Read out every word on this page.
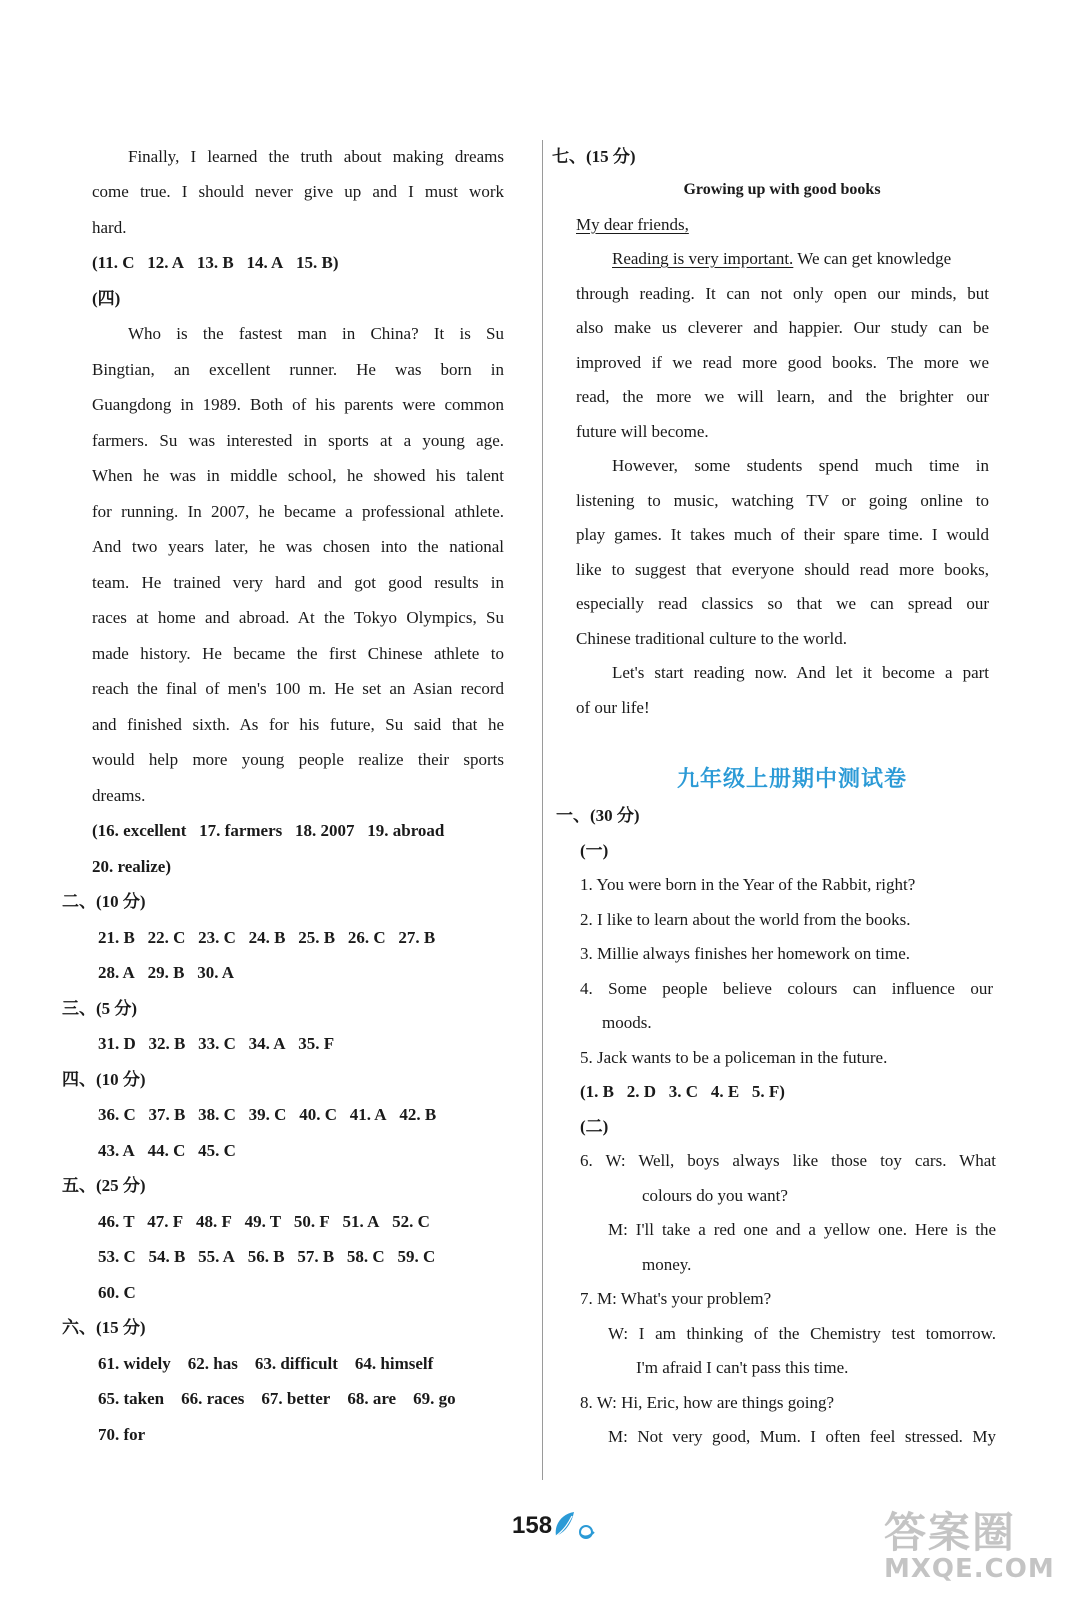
Finally, I learned the truth about making dreams
come true. I should never give up and I must work
hard.
(11. C 12. A 13. B 14. A 15. B)
(四)
Who is the fastest man in China? It is Su
Bingtian, an excellent runner. He was born in
Guangdong in 1989. Both of his parents were common
farmers. Su was interested in sports at a young age.
When he was in middle school, he showed his talent
for running. In 2007, he became a professional athlete.
And two years later, he was chosen into the national
team. He trained very hard and got good results in
races at home and abroad. At the Tokyo Olympics, Su
made history. He became the first Chinese athlete to
reach the final of men's 100 m. He set an Asian record
and finished sixth. As for his future, Su said that he
would help more young people realize their sports
dreams.
(16. excellent 17. farmers 18. 2007 19. abroad
20. realize)
二、(10 分)
21. B 22. C 23. C 24. B 25. B 26. C 27. B
28. A 29. B 30. A
三、(5 分)
31. D 32. B 33. C 34. A 35. F
四、(10 分)
36. C 37. B 38. C 39. C 40. C 41. A 42. B
43. A 44. C 45. C
五、(25 分)
46. T 47. F 48. F 49. T 50. F 51. A 52. C
53. C 54. B 55. A 56. B 57. B 58. C 59. C
60. C
六、(15 分)
61. widely 62. has 63. difficult 64. himself
65. taken 66. races 67. better 68. are 69. go
70. for
七、(15 分)
Growing up with good books
My dear friends,
Reading is very important. We can get knowledge
through reading. It can not only open our minds, but
also make us cleverer and happier. Our study can be
improved if we read more good books. The more we
read, the more we will learn, and the brighter our
future will become.
However, some students spend much time in
listening to music, watching TV or going online to
play games. It takes much of their spare time. I would
like to suggest that everyone should read more books,
especially read classics so that we can spread our
Chinese traditional culture to the world.
Let's start reading now. And let it become a part
of our life!
九年级上册期中测试卷
一、(30 分)
(一)
1. You were born in the Year of the Rabbit, right?
2. I like to learn about the world from the books.
3. Millie always finishes her homework on time.
4. Some people believe colours can influence our
moods.
5. Jack wants to be a policeman in the future.
(1. B 2. D 3. C 4. E 5. F)
(二)
6. W: Well, boys always like those toy cars. What
colours do you want?
M: I'll take a red one and a yellow one. Here is the
money.
7. M: What's your problem?
W: I am thinking of the Chemistry test tomorrow.
I'm afraid I can't pass this time.
8. W: Hi, Eric, how are things going?
M: Not very good, Mum. I often feel stressed. My
158	答案圈
MXQE.COM
